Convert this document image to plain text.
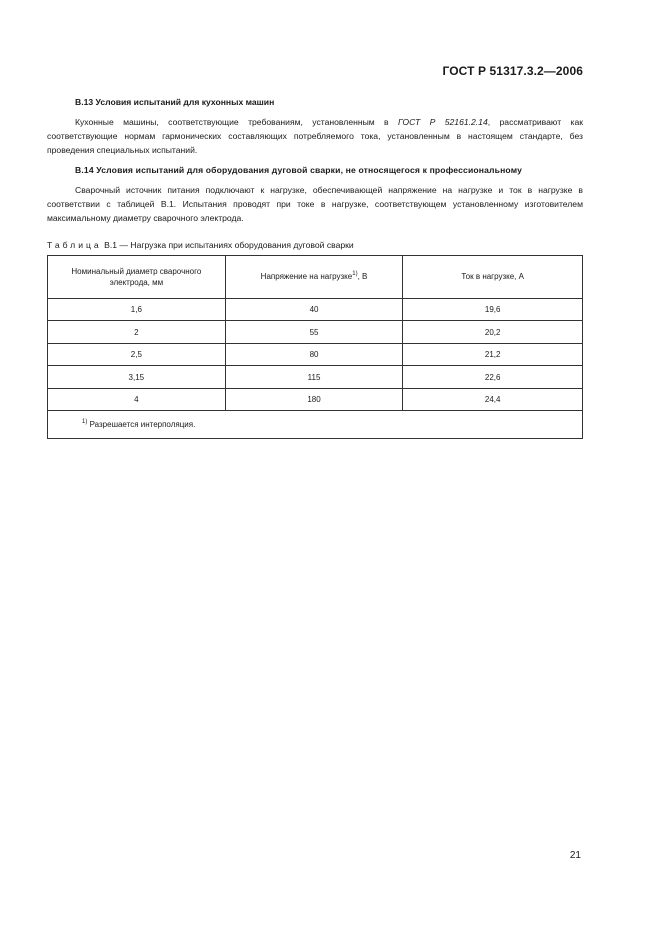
ГОСТ Р 51317.3.2—2006

В.13 Условия испытаний для кухонных машин

Кухонные машины, соответствующие требованиям, установленным в ГОСТ Р 52161.2.14, рассматривают как соответствующие нормам гармонических составляющих потребляемого тока, установленным в настоящем стандарте, без проведения специальных испытаний.

В.14 Условия испытаний для оборудования дуговой сварки, не относящегося к профессиональному

Сварочный источник питания подключают к нагрузке, обеспечивающей напряжение на нагрузке и ток в нагрузке в соответствии с таблицей В.1. Испытания проводят при токе в нагрузке, соответствующем установленному изготовителем максимальному диаметру сварочного электрода.

Таблица В.1 — Нагрузка при испытаниях оборудования дуговой сварки

Номинальный диаметр сварочного электрода, мм	Напряжение на нагрузке$^{1)}$, В	Ток в нагрузке, А
1,6	40	19,6
2	55	20,2
2,5	80	21,2
3,15	115	22,6
4	180	24,4
$^{1)}$ Разрешается интерполяция.		
21
